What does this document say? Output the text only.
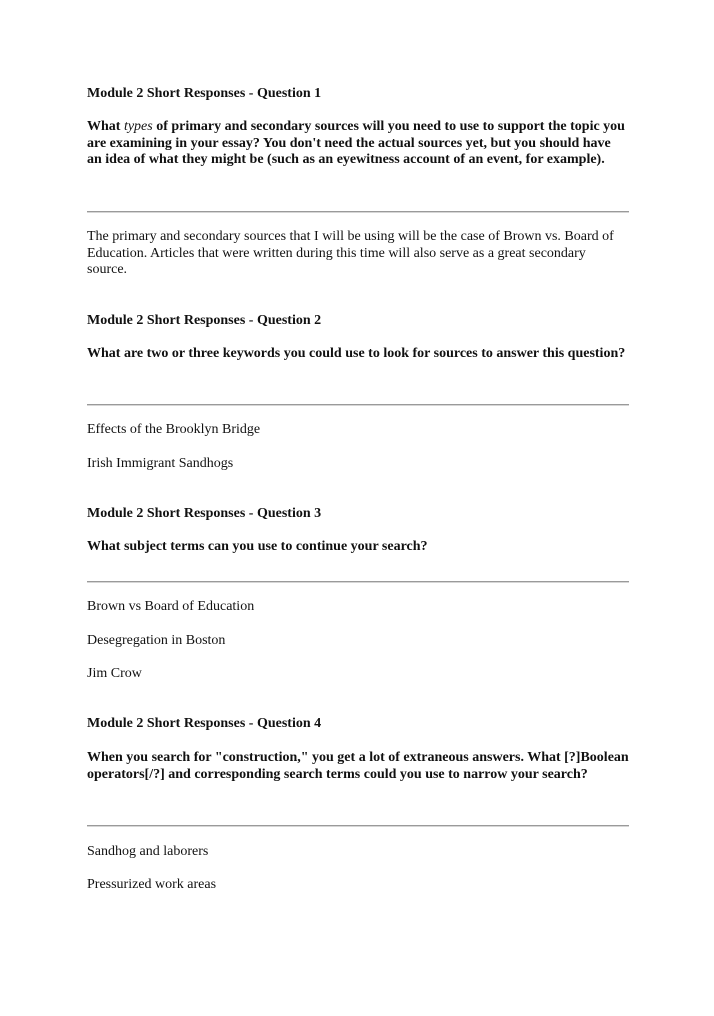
Module 2 Short Responses - Question 1

What types of primary and secondary sources will you need to use to support the topic you are examining in your essay? You don't need the actual sources yet, but you should have an idea of what they might be (such as an eyewitness account of an event, for example).

The primary and secondary sources that I will be using will be the case of Brown vs. Board of Education. Articles that were written during this time will also serve as a great secondary source.

Module 2 Short Responses - Question 2

What are two or three keywords you could use to look for sources to answer this question?

Effects of the Brooklyn Bridge

Irish Immigrant Sandhogs

Module 2 Short Responses - Question 3

What subject terms can you use to continue your search?

Brown vs Board of Education

Desegregation in Boston

Jim Crow

Module 2 Short Responses - Question 4

When you search for "construction," you get a lot of extraneous answers. What [?]Boolean operators[/?] and corresponding search terms could you use to narrow your search?

Sandhog and laborers

Pressurized work areas
